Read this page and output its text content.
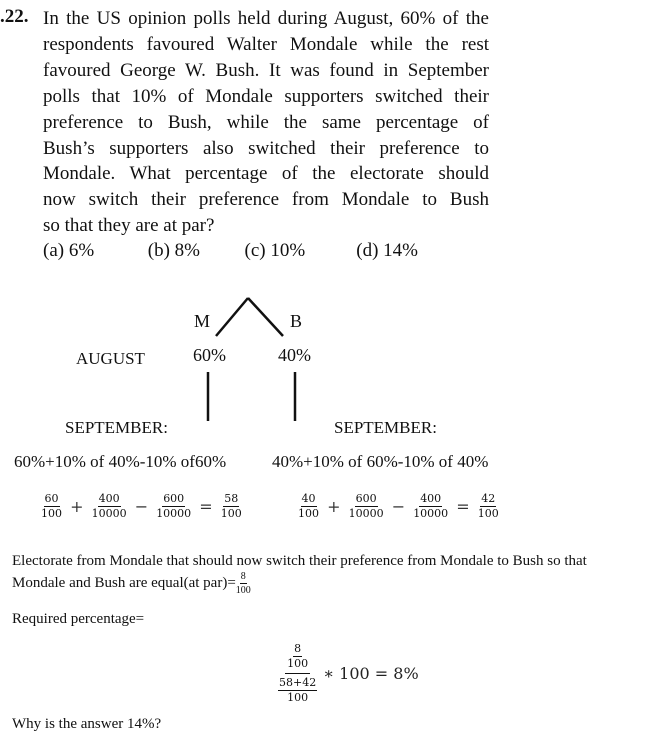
.22. In the US opinion polls held during August, 60% of the
respondents favoured Walter Mondale while the rest
favoured George W. Bush. It was found in September
polls that 10% of Mondale supporters switched their
preference to Bush, while the same percentage of
Bush’s supporters also switched their preference to
Mondale. What percentage of the electorate should
now switch their preference from Mondale to Bush
so that they are at par?
(a) 6%	(b) 8% (c) 10%	(d) 14%
M	B
AUGUST	60%	40%
SEPTEMBER:	SEPTEMBER:
60%+10% of 40%-10% of60%	40%+10% of 60%-10% of 40%
$\frac{60}{100} + \frac{400}{10000} - \frac{600}{10000} = \frac{58}{100}$	$\frac{40}{100} + \frac{600}{10000} - \frac{400}{10000} = \frac{42}{100}$
Electorate from Mondale that should now switch their preference from Mondale to Bush so that
Mondale and Bush are equal(at $par)= \frac{8}{100}$
Required percentage=
$\frac{8}{100}$
$\frac{58+42}{100}$
∗ 100 = 8%
Why is the answer 14%?
